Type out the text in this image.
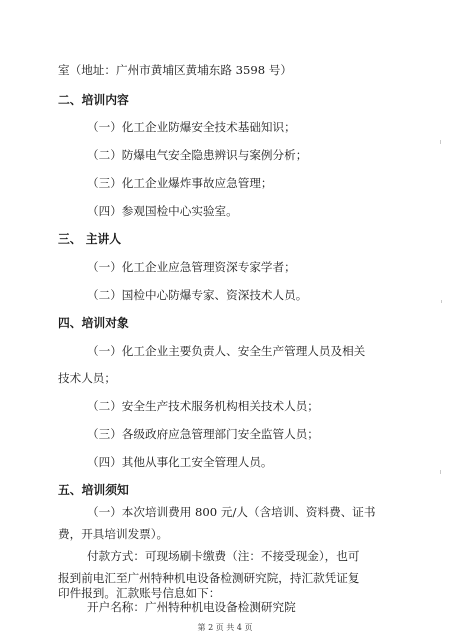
室（地址：广州市黄埔区黄埔东路 3598 号）
二、培训内容
（一）化工企业防爆安全技术基础知识；
（二）防爆电气安全隐患辨识与案例分析；
（三）化工企业爆炸事故应急管理；
（四）参观国检中心实验室。
三、 主讲人
（一）化工企业应急管理资深专家学者；
（二）国检中心防爆专家、资深技术人员。
四、培训对象
（一）化工企业主要负责人、安全生产管理人员及相关
技术人员；
（二）安全生产技术服务机构相关技术人员；
（三）各级政府应急管理部门安全监管人员；
（四）其他从事化工安全管理人员。
五、培训须知
（一）本次培训费用 800 元/人（含培训、资料费、证书
费，开具培训发票）。
付款方式：可现场刷卡缴费（注：不接受现金），也可
报到前电汇至广州特种机电设备检测研究院，持汇款凭证复
第 2 页 共 4 页
印件报到。汇款账号信息如下：
开户名称：广州特种机电设备检测研究院
